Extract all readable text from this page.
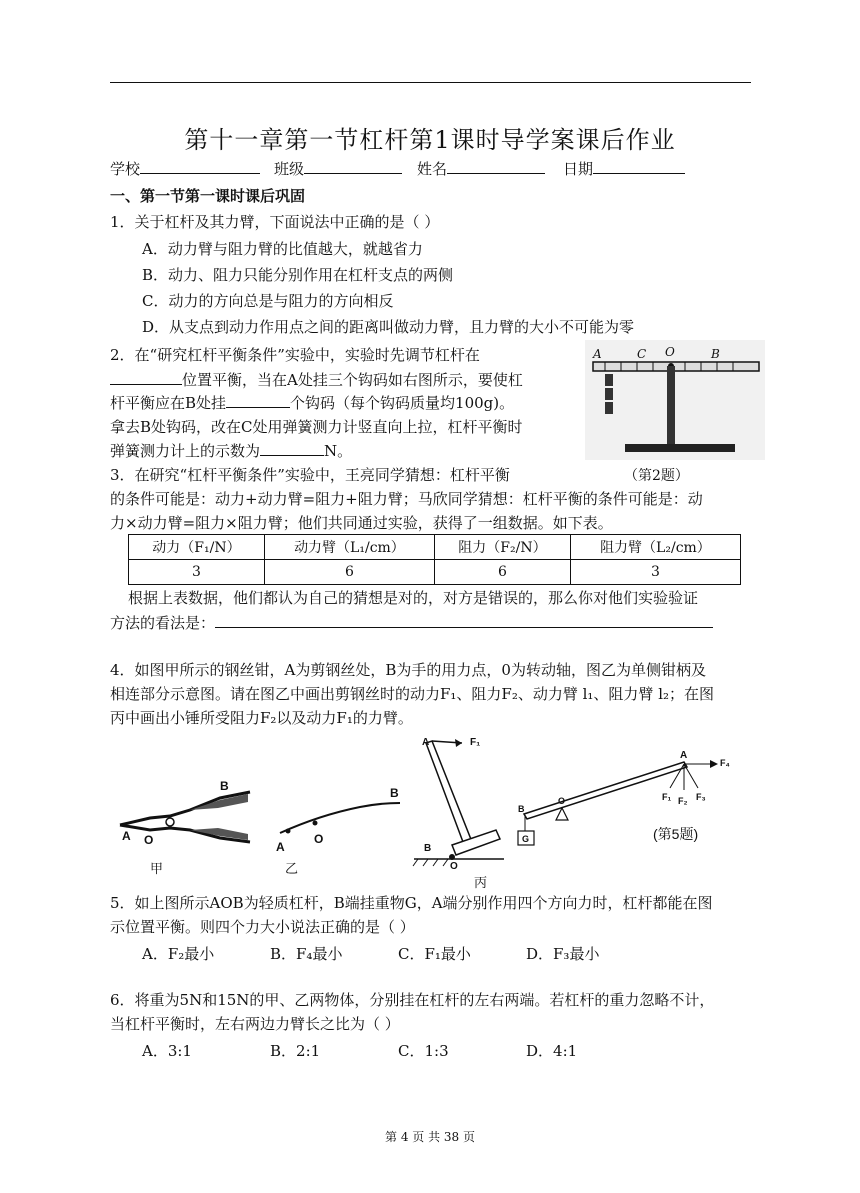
第十一章第一节杠杆第1课时导学案课后作业
学校	班级	姓名	日期
一、第一节第一课时课后巩固
1．关于杠杆及其力臂，下面说法中正确的是（ ）
A．动力臂与阻力臂的比值越大，就越省力
B．动力、阻力只能分别作用在杠杆支点的两侧
C．动力的方向总是与阻力的方向相反
D．从支点到动力作用点之间的距离叫做动力臂，且力臂的大小不可能为零
2．在“研究杠杆平衡条件”实验中，实验时先调节杠杆在
位置平衡，当在A处挂三个钩码如右图所示，要使杠
杆平衡应在B处挂	个钩码（每个钩码质量均100g)。
拿去B处钩码，改在C处用弹簧测力计竖直向上拉，杠杆平衡时
弹簧测力计上的示数为	N。
A	C O	B
（第2题）
3．在研究“杠杆平衡条件”实验中，王亮同学猜想：杠杆平衡
的条件可能是：动力+动力臂=阻力+阻力臂；马欣同学猜想：杠杆平衡的条件可能是：动
力×动力臂=阻力×阻力臂；他们共同通过实验，获得了一组数据。如下表。
动力（F₁/N）	动力臂（L₁/cm）	阻力（F₂/N）	阻力臂（L₂/cm）
3	6	6	3
根据上表数据，他们都认为自己的猜想是对的，对方是错误的，那么你对他们实验验证
方法的看法是：
4．如图甲所示的钢丝钳，A为剪钢丝处，B为手的用力点，0为转动轴，图乙为单侧钳柄及
相连部分示意图。请在图乙中画出剪钢丝时的动力F₁、阻力F₂、动力臂 l₁、阻力臂 l₂；在图
丙中画出小锤所受阻力F₂以及动力F₁的力臂。
B
A O
甲
B
A
O
乙
A	F₁
B
O
丙
A
O
B
G
F₄
F₁ F₂ F₃
(第5题)
5．如上图所示AOB为轻质杠杆，B端挂重物G，A端分别作用四个方向力时，杠杆都能在图
示位置平衡。则四个力大小说法正确的是（ ）
A．F₂最小	B．F₄最小	C．F₁最小	D．F₃最小
6．将重为5N和15N的甲、乙两物体，分别挂在杠杆的左右两端。若杠杆的重力忽略不计，
当杠杆平衡时，左右两边力臂长之比为（ ）
A．3:1	B．2:1	C．1:3	D．4:1
第 4 页 共 38 页
